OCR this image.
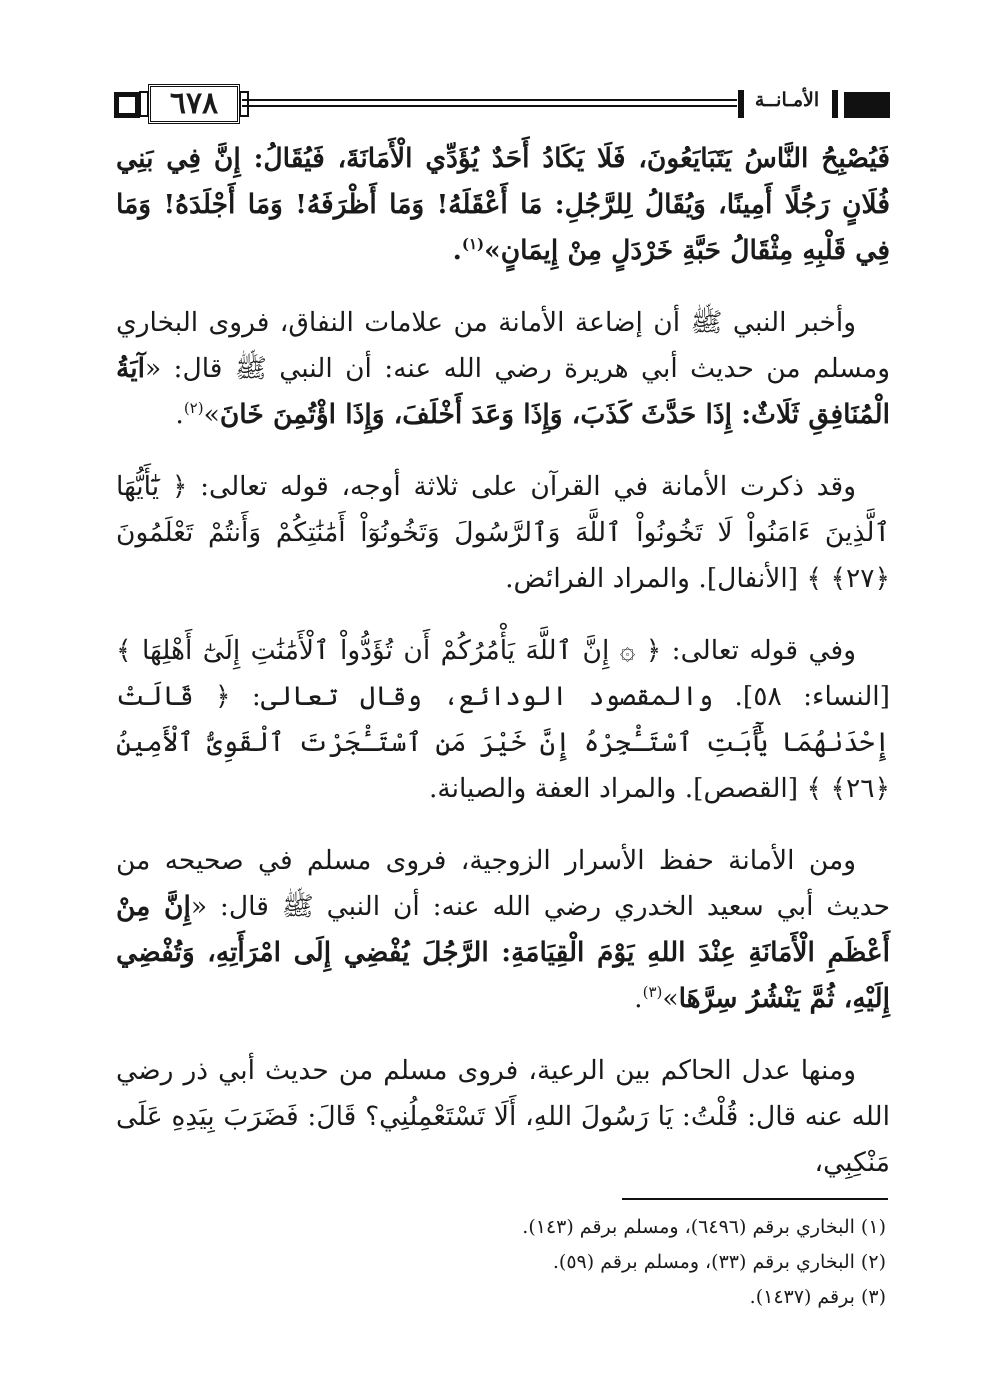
٦٧٨	الأمـانــة

فَيُصْبِحُ النَّاسُ يَتَبَايَعُونَ، فَلَا يَكَادُ أَحَدٌ يُؤَدِّي الْأَمَانَةَ، فَيُقَالُ: إِنَّ فِي بَنِي فُلَانٍ رَجُلًا أَمِينًا، وَيُقَالُ لِلرَّجُلِ: مَا أَعْقَلَهُ! وَمَا أَظْرَفَهُ! وَمَا أَجْلَدَهُ! وَمَا فِي قَلْبِهِ مِثْقَالُ حَبَّةِ خَرْدَلٍ مِنْ إِيمَانٍ»$^{(١)}$.

وأخبر النبي ﷺ أن إضاعة الأمانة من علامات النفاق، فروى البخاري ومسلم من حديث أبي هريرة رضي الله عنه: أن النبي ﷺ قال: «آيَةُ الْمُنَافِقِ ثَلَاثٌ: إِذَا حَدَّثَ كَذَبَ، وَإِذَا وَعَدَ أَخْلَفَ، وَإِذَا اؤْتُمِنَ خَانَ»$^{(٢)}$.

وقد ذكرت الأمانة في القرآن على ثلاثة أوجه، قوله تعالى: ﴿ يَٰٓأَيُّهَا ٱلَّذِينَ ءَامَنُواْ لَا تَخُونُواْ ٱللَّهَ وَٱلرَّسُولَ وَتَخُونُوٓاْ أَمَٰنَٰتِكُمْ وَأَنتُمْ تَعْلَمُونَ ﴿٢٧﴾ ﴾ [الأنفال]. والمراد الفرائض.

وفي قوله تعالى: ﴿ ۞ إِنَّ ٱللَّهَ يَأْمُرُكُمْ أَن تُؤَدُّواْ ٱلْأَمَٰنَٰتِ إِلَىٰٓ أَهْلِهَا ﴾ [النساء: ٥٨]. والمقصود الودائع، وقال تعالى: ﴿ قَالَتْ إِحْدَىٰهُمَا يَٰٓأَبَتِ ٱسْتَـْٔجِرْهُ إِنَّ خَيْرَ مَنِ ٱسْتَـْٔجَرْتَ ٱلْقَوِىُّ ٱلْأَمِينُ ﴿٢٦﴾ ﴾ [القصص]. والمراد العفة والصيانة.

ومن الأمانة حفظ الأسرار الزوجية، فروى مسلم في صحيحه من حديث أبي سعيد الخدري رضي الله عنه: أن النبي ﷺ قال: «إِنَّ مِنْ أَعْظَمِ الْأَمَانَةِ عِنْدَ اللهِ يَوْمَ الْقِيَامَةِ: الرَّجُلَ يُفْضِي إِلَى امْرَأَتِهِ، وَتُفْضِي إِلَيْهِ، ثُمَّ يَنْشُرُ سِرَّهَا»$^{(٣)}$.

ومنها عدل الحاكم بين الرعية، فروى مسلم من حديث أبي ذر رضي الله عنه قال: قُلْتُ: يَا رَسُولَ اللهِ، أَلَا تَسْتَعْمِلُنِي؟ قَالَ: فَضَرَبَ بِيَدِهِ عَلَى مَنْكِبِي،

(١) البخاري برقم (٦٤٩٦)، ومسلم برقم (١٤٣).
(٢) البخاري برقم (٣٣)، ومسلم برقم (٥٩).
(٣) برقم (١٤٣٧).
